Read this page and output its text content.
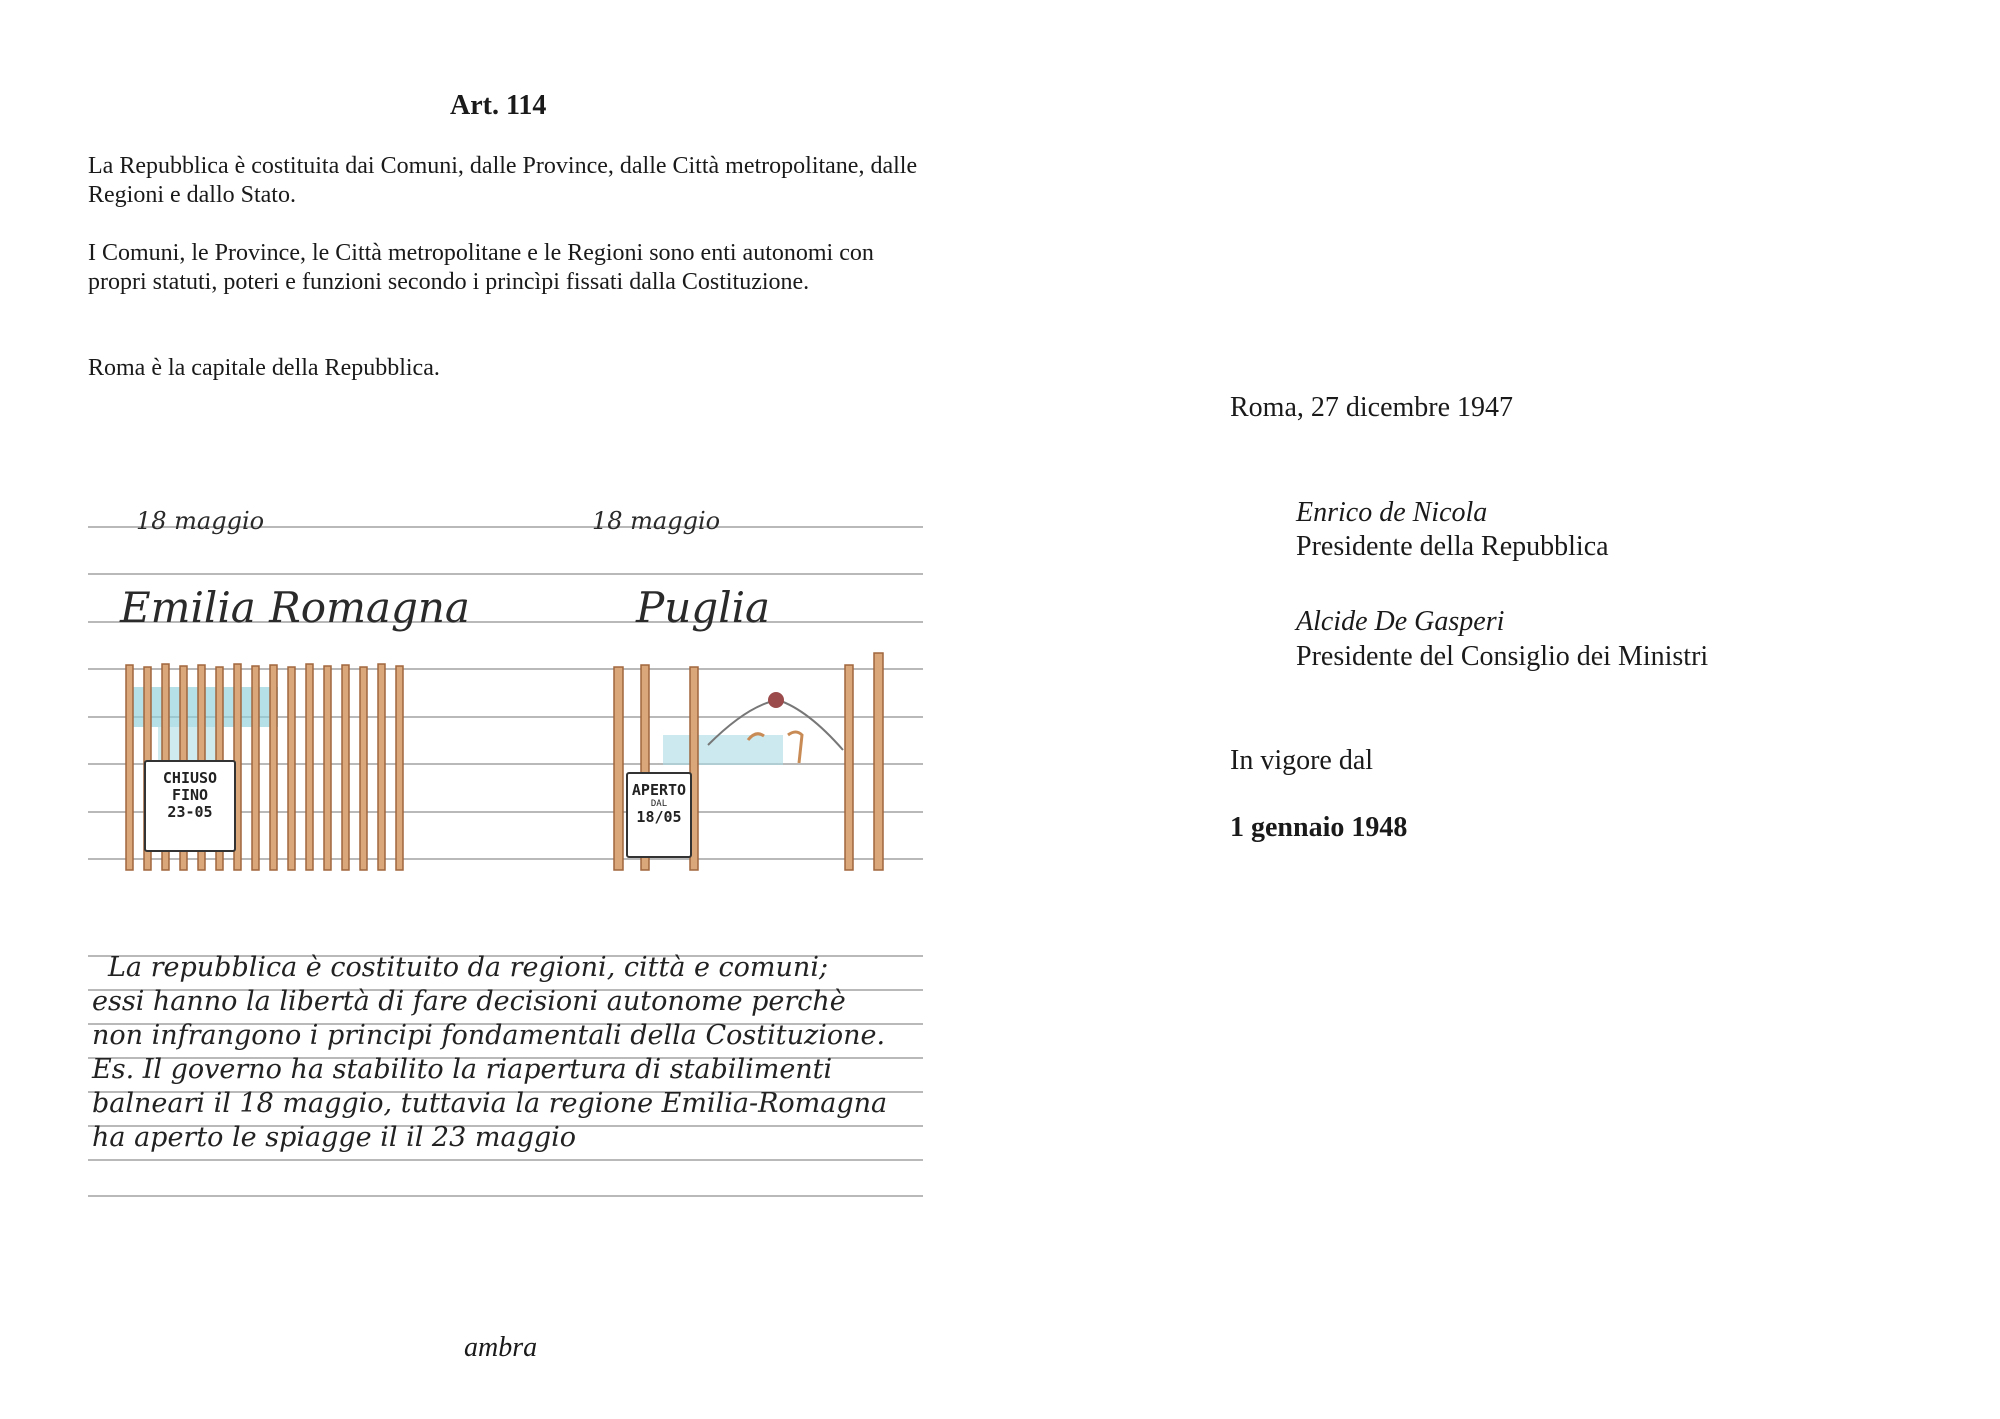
Art. 114
La Repubblica è costituita dai Comuni, dalle Province, dalle Città metropolitane, dalle Regioni e dallo Stato.
I Comuni, le Province, le Città metropolitane e le Regioni sono enti autonomi con propri statuti, poteri e funzioni secondo i princìpi fissati dalla Costituzione.
Roma è la capitale della Repubblica.
18 maggio	18 maggio
Emilia Romagna	Puglia
CHIUSO
FINO
23-05
APERTO
DAL
18/05
La repubblica è costituito da regioni, città e comuni;
essi hanno la libertà di fare decisioni autonome perchè
non infrangono i principi fondamentali della Costituzione.
Es. Il governo ha stabilito la riapertura di stabilimenti
balneari il 18 maggio, tuttavia la regione Emilia-Romagna
ha aperto le spiagge il il 23 maggio
ambra
Roma, 27 dicembre 1947
Enrico de Nicola
Presidente della Repubblica
Alcide De Gasperi
Presidente del Consiglio dei Ministri
In vigore dal
1 gennaio 1948
